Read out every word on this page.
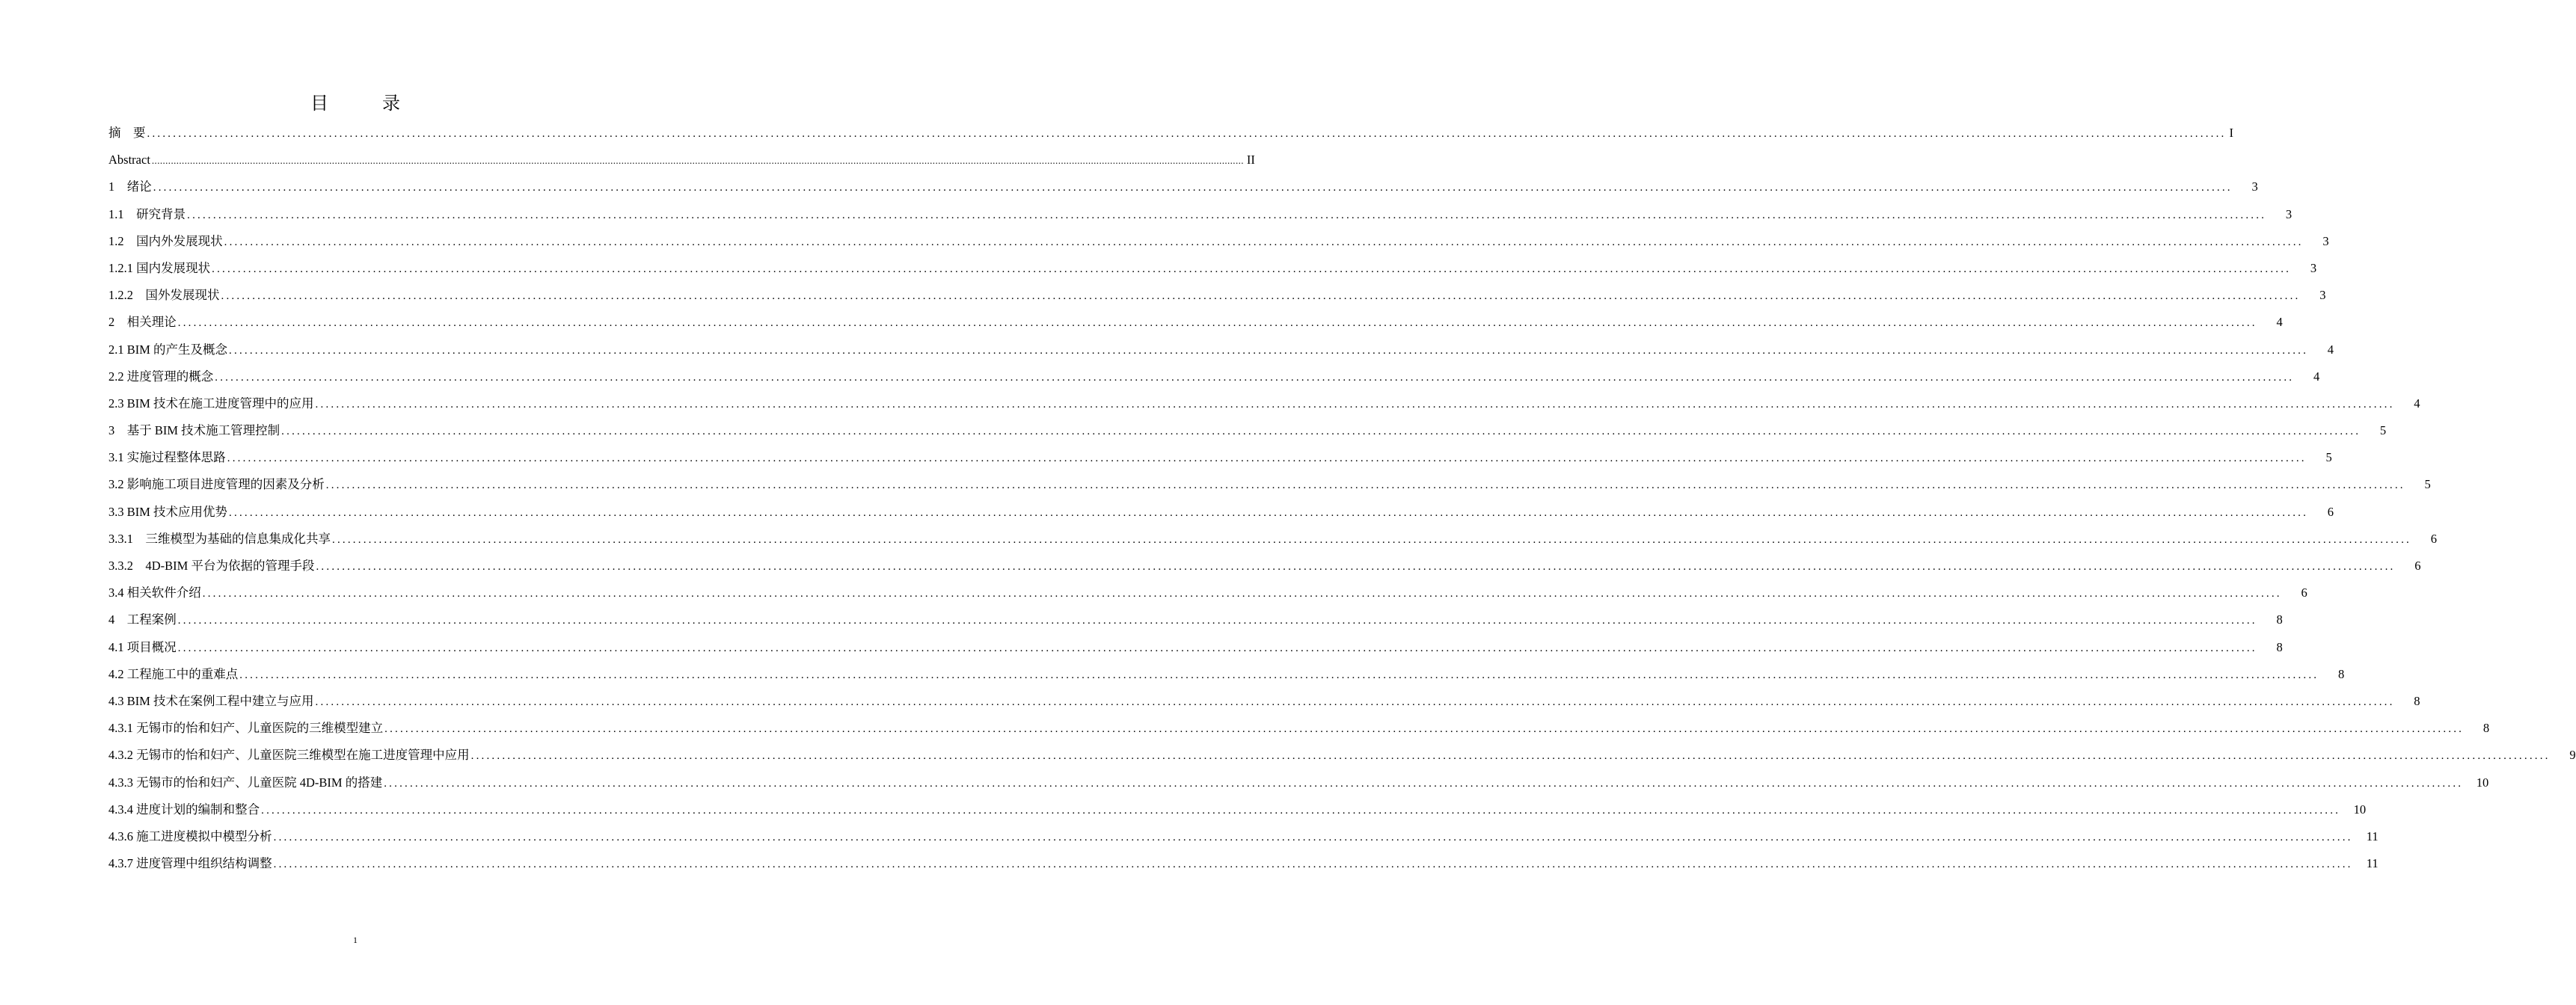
目　录
摘　要 ................................................................................................................................................................................................................................................................................................................................................................................................................ I
Abstract ................................................................................................................................................................................................................................................................................................................................................................................................................ II
1　绪论 ................................................................................................................................................................................................................................................................................................................................................................................................................	3
1.1　研究背景 ................................................................................................................................................................................................................................................................................................................................................................................................................	3
1.2　国内外发展现状 ................................................................................................................................................................................................................................................................................................................................................................................................................	3
1.2.1 国内发展现状 ................................................................................................................................................................................................................................................................................................................................................................................................................	3
1.2.2　国外发展现状 ................................................................................................................................................................................................................................................................................................................................................................................................................	3
2　相关理论 ................................................................................................................................................................................................................................................................................................................................................................................................................	4
2.1 BIM 的产生及概念 ................................................................................................................................................................................................................................................................................................................................................................................................................	4
2.2 进度管理的概念 ................................................................................................................................................................................................................................................................................................................................................................................................................	4
2.3 BIM 技术在施工进度管理中的应用 ................................................................................................................................................................................................................................................................................................................................................................................................................	4
3　基于 BIM 技术施工管理控制 ................................................................................................................................................................................................................................................................................................................................................................................................................	5
3.1 实施过程整体思路 ................................................................................................................................................................................................................................................................................................................................................................................................................	5
3.2 影响施工项目进度管理的因素及分析 ................................................................................................................................................................................................................................................................................................................................................................................................................	5
3.3 BIM 技术应用优势 ................................................................................................................................................................................................................................................................................................................................................................................................................	6
3.3.1　三维模型为基础的信息集成化共享 ................................................................................................................................................................................................................................................................................................................................................................................................................	6
3.3.2　4D-BIM 平台为依据的管理手段 ................................................................................................................................................................................................................................................................................................................................................................................................................	6
3.4 相关软件介绍 ................................................................................................................................................................................................................................................................................................................................................................................................................	6
4　工程案例 ................................................................................................................................................................................................................................................................................................................................................................................................................	8
4.1 项目概况 ................................................................................................................................................................................................................................................................................................................................................................................................................	8
4.2 工程施工中的重难点 ................................................................................................................................................................................................................................................................................................................................................................................................................	8
4.3 BIM 技术在案例工程中建立与应用 ................................................................................................................................................................................................................................................................................................................................................................................................................	8
4.3.1 无锡市的怡和妇产、儿童医院的三维模型建立 ................................................................................................................................................................................................................................................................................................................................................................................................................	8
4.3.2 无锡市的怡和妇产、儿童医院三维模型在施工进度管理中应用 ................................................................................................................................................................................................................................................................................................................................................................................................................	9
4.3.3 无锡市的怡和妇产、儿童医院 4D-BIM 的搭建 ................................................................................................................................................................................................................................................................................................................................................................................................................	10
4.3.4 进度计划的编制和整合 ................................................................................................................................................................................................................................................................................................................................................................................................................	10
4.3.6 施工进度模拟中模型分析 ................................................................................................................................................................................................................................................................................................................................................................................................................	11
4.3.7 进度管理中组织结构调整 ................................................................................................................................................................................................................................................................................................................................................................................................................	11
1
